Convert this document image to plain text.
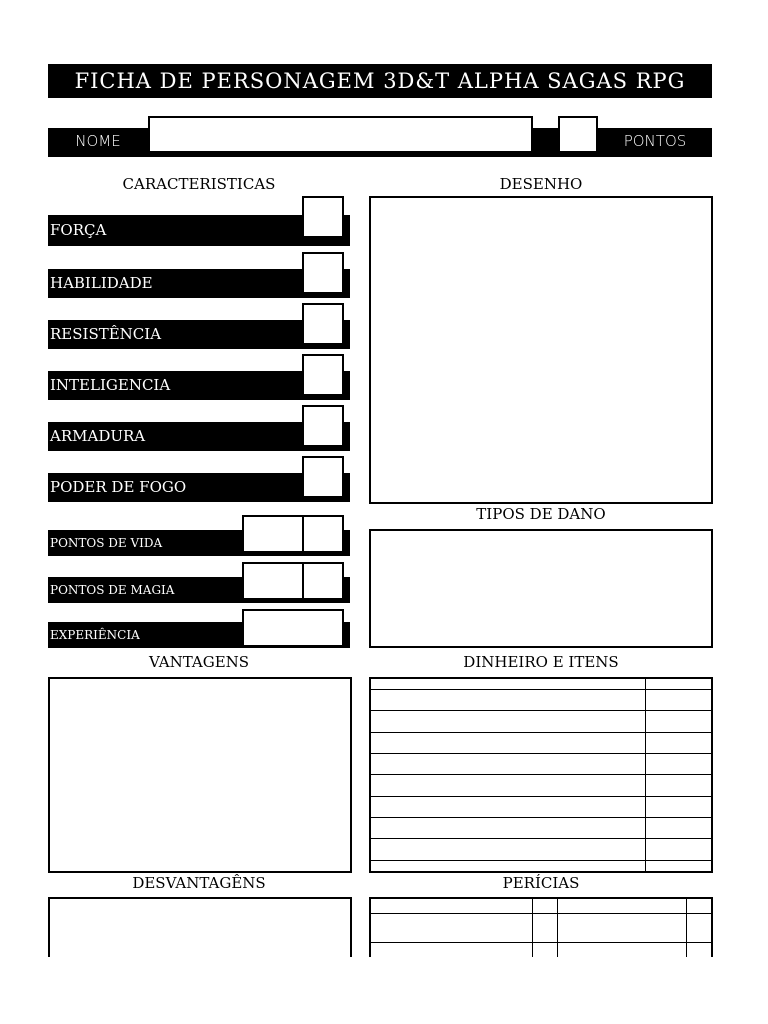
FICHA DE PERSONAGEM 3D&T ALPHA SAGAS RPG
NOME	PONTOS
CARACTERISTICAS	DESENHO
FORÇA
HABILIDADE
RESISTÊNCIA
INTELIGENCIA
ARMADURA
PODER DE FOGO
TIPOS DE DANO
PONTOS DE VIDA
PONTOS DE MAGIA
EXPERIÊNCIA
VANTAGENS	DINHEIRO E ITENS

DESVANTAGÊNS	PERÍCIAS
